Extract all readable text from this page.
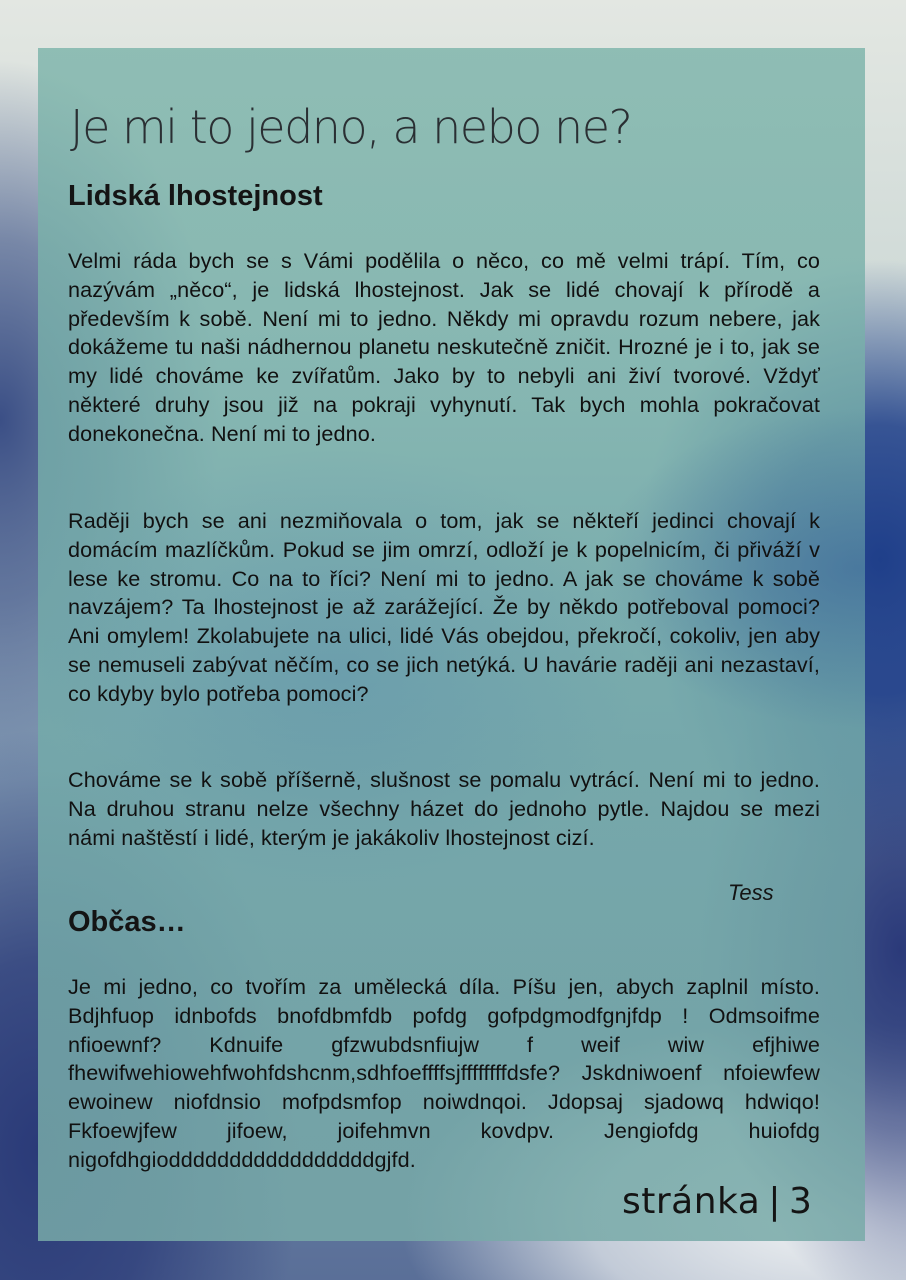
Je mi to jedno, a nebo ne?
Lidská lhostejnost

Velmi ráda bych se s Vámi podělila o něco, co mě velmi trápí. Tím, co nazývám „něco“, je lidská lhostejnost. Jak se lidé chovají k přírodě a především k sobě. Není mi to jedno. Někdy mi opravdu rozum nebere, jak dokážeme tu naši nádhernou planetu neskutečně zničit. Hrozné je i to, jak se my lidé chováme ke zvířatům. Jako by to nebyli ani živí tvorové. Vždyť některé druhy jsou již na pokraji vyhynutí. Tak bych mohla pokračovat donekonečna. Není mi to jedno.

Raději bych se ani nezmiňovala o tom, jak se někteří jedinci chovají k domácím mazlíčkům. Pokud se jim omrzí, odloží je k popelnicím, či přiváží v lese ke stromu. Co na to říci? Není mi to jedno. A jak se chováme k sobě navzájem? Ta lhostejnost je až zarážející. Že by někdo potřeboval pomoci? Ani omylem! Zkolabujete na ulici, lidé Vás obejdou, překročí, cokoliv, jen aby se nemuseli zabývat něčím, co se jich netýká. U havárie raději ani nezastaví, co kdyby bylo potřeba pomoci?

Chováme se k sobě příšerně, slušnost se pomalu vytrácí. Není mi to jedno. Na druhou stranu nelze všechny házet do jednoho pytle. Najdou se mezi námi naštěstí i lidé, kterým je jakákoliv lhostejnost cizí.

Tess
Občas…

Je mi jedno, co tvořím za umělecká díla. Píšu jen, abych zaplnil místo. Bdjhfuop idnbofds bnofdbmfdb pofdg gofpdgmodfgnjfdp ! Odmsoifme nfioewnf? Kdnuife gfzwubdsnfiujw f weif wiw efjhiwe fhewifwehiowehfwohfdshcnm,sdhfoeffffsjffffffffdsfe? Jskdniwoenf nfoiewfew ewoinew niofdnsio mofpdsmfop noiwdnqoi. Jdopsaj sjadowq hdwiqo! Fkfoewjfew jifoew, joifehmvn kovdpv. Jengiofdg huiofdg nigofdhgiodddddddddddddddddgjfd.

stránka | 3
